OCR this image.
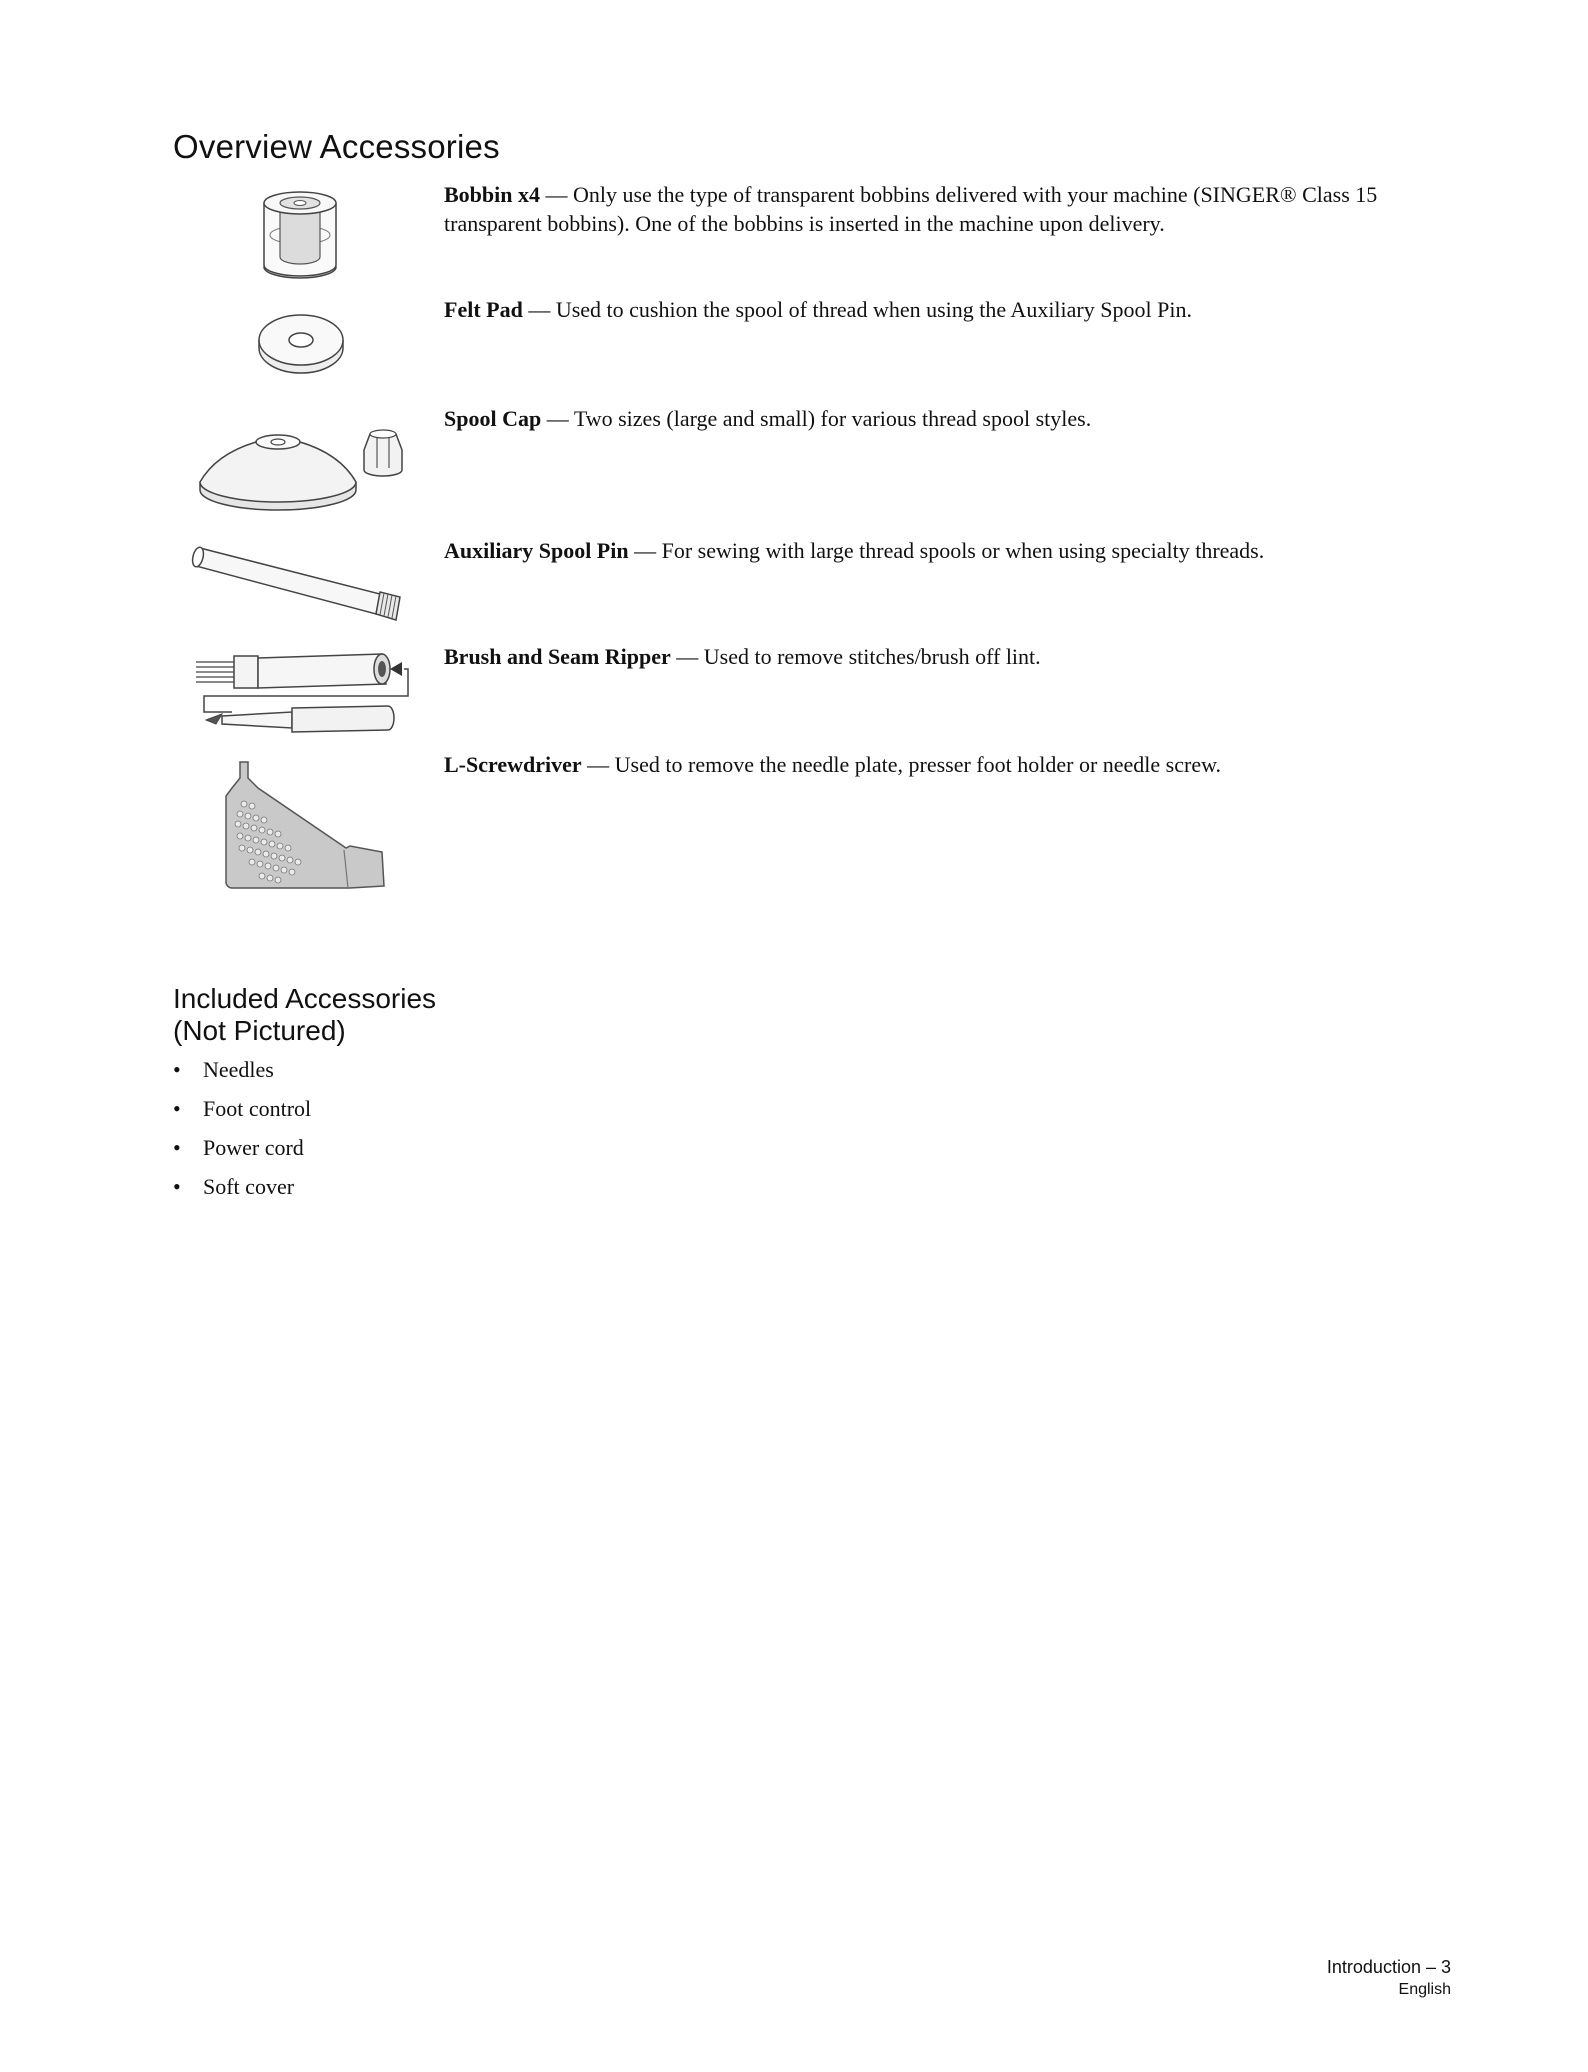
Overview Accessories
Bobbin x4 — Only use the type of transparent bobbins delivered with your machine (SINGER® Class 15 transparent bobbins). One of the bobbins is inserted in the machine upon delivery.
Felt Pad — Used to cushion the spool of thread when using the Auxiliary Spool Pin.
Spool Cap — Two sizes (large and small) for various thread spool styles.
Auxiliary Spool Pin — For sewing with large thread spools or when using specialty threads.
Brush and Seam Ripper — Used to remove stitches/brush off lint.
L-Screwdriver — Used to remove the needle plate, presser foot holder or needle screw.
Included Accessories
(Not Pictured)
• Needles
• Foot control
• Power cord
• Soft cover
Introduction – 3
English
